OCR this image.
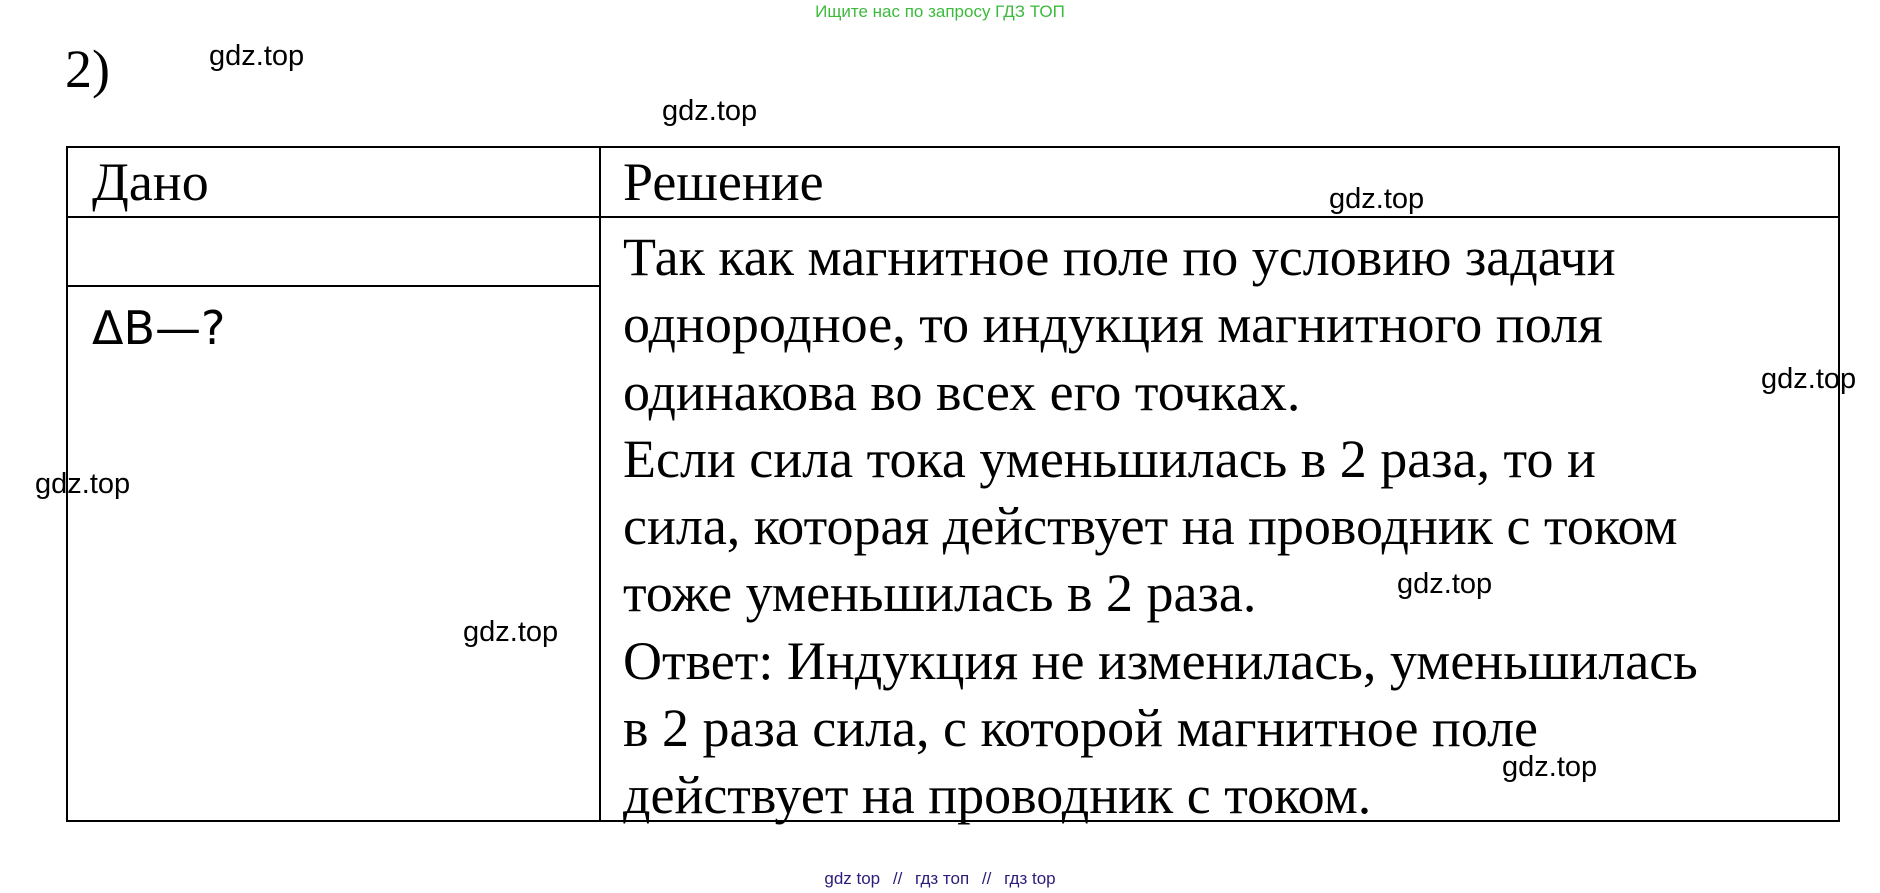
Ищите нас по запросу ГДЗ ТОП
2)	gdz.top
gdz.top
gdz.top
gdz.top
gdz.top
gdz.top
gdz.top
gdz.top
Дано	Решение
ΔB—?
Так как магнитное поле по условию задачи
однородное, то индукция магнитного поля
одинакова во всех его точках.
Если сила тока уменьшилась в 2 раза, то и
сила, которая действует на проводник с током
тоже уменьшилась в 2 раза.
Ответ: Индукция не изменилась, уменьшилась
в 2 раза сила, с которой магнитное поле
действует на проводник с током.
gdz top // гдз топ // гдз top
